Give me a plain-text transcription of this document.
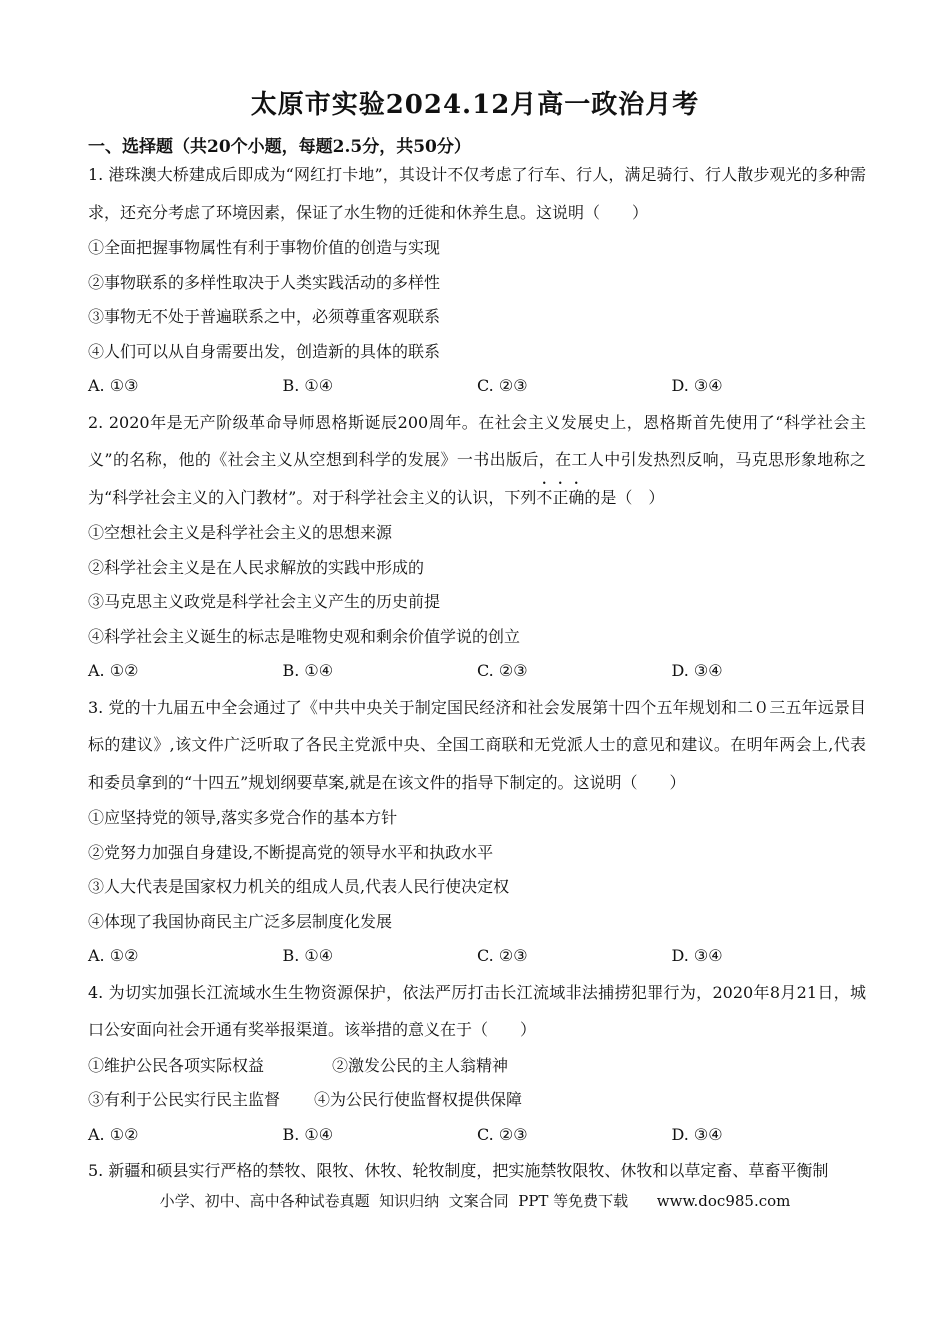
太原市实验2024.12月高一政治月考
一、选择题（共20个小题，每题2.5分，共50分）
1. 港珠澳大桥建成后即成为“网红打卡地”，其设计不仅考虑了行车、行人，满足骑行、行人散步观光的多种需求，还充分考虑了环境因素，保证了水生物的迁徙和休养生息。这说明（　　）
①全面把握事物属性有利于事物价值的创造与实现
②事物联系的多样性取决于人类实践活动的多样性
③事物无不处于普遍联系之中，必须尊重客观联系
④人们可以从自身需要出发，创造新的具体的联系
A. ①③	B. ①④	C. ②③	D. ③④
2. 2020年是无产阶级革命导师恩格斯诞辰200周年。在社会主义发展史上，恩格斯首先使用了“科学社会主义”的名称，他的《社会主义从空想到科学的发展》一书出版后，在工人中引发热烈反响，马克思形象地称之为“科学社会主义的入门教材”。对于科学社会主义的认识，下列不正确的是（　）
①空想社会主义是科学社会主义的思想来源
②科学社会主义是在人民求解放的实践中形成的
③马克思主义政党是科学社会主义产生的历史前提
④科学社会主义诞生的标志是唯物史观和剩余价值学说的创立
A. ①②	B. ①④	C. ②③	D. ③④
3. 党的十九届五中全会通过了《中共中央关于制定国民经济和社会发展第十四个五年规划和二０三五年远景目标的建议》,该文件广泛听取了各民主党派中央、全国工商联和无党派人士的意见和建议。在明年两会上,代表和委员拿到的“十四五”规划纲要草案,就是在该文件的指导下制定的。这说明（　　）
①应坚持党的领导,落实多党合作的基本方针
②党努力加强自身建设,不断提高党的领导水平和执政水平
③人大代表是国家权力机关的组成人员,代表人民行使决定权
④体现了我国协商民主广泛多层制度化发展
A. ①②	B. ①④	C. ②③	D. ③④
4. 为切实加强长江流域水生生物资源保护，依法严厉打击长江流域非法捕捞犯罪行为，2020年8月21日，城口公安面向社会开通有奖举报渠道。该举措的意义在于（　　）
①维护公民各项实际权益	②激发公民的主人翁精神
③有利于公民实行民主监督 ④为公民行使监督权提供保障
A. ①②	B. ①④	C. ②③	D. ③④
5. 新疆和硕县实行严格的禁牧、限牧、休牧、轮牧制度，把实施禁牧限牧、休牧和以草定畜、草畜平衡制
小学、初中、高中各种试卷真题  知识归纳  文案合同  PPT 等免费下载      www.doc985.com
